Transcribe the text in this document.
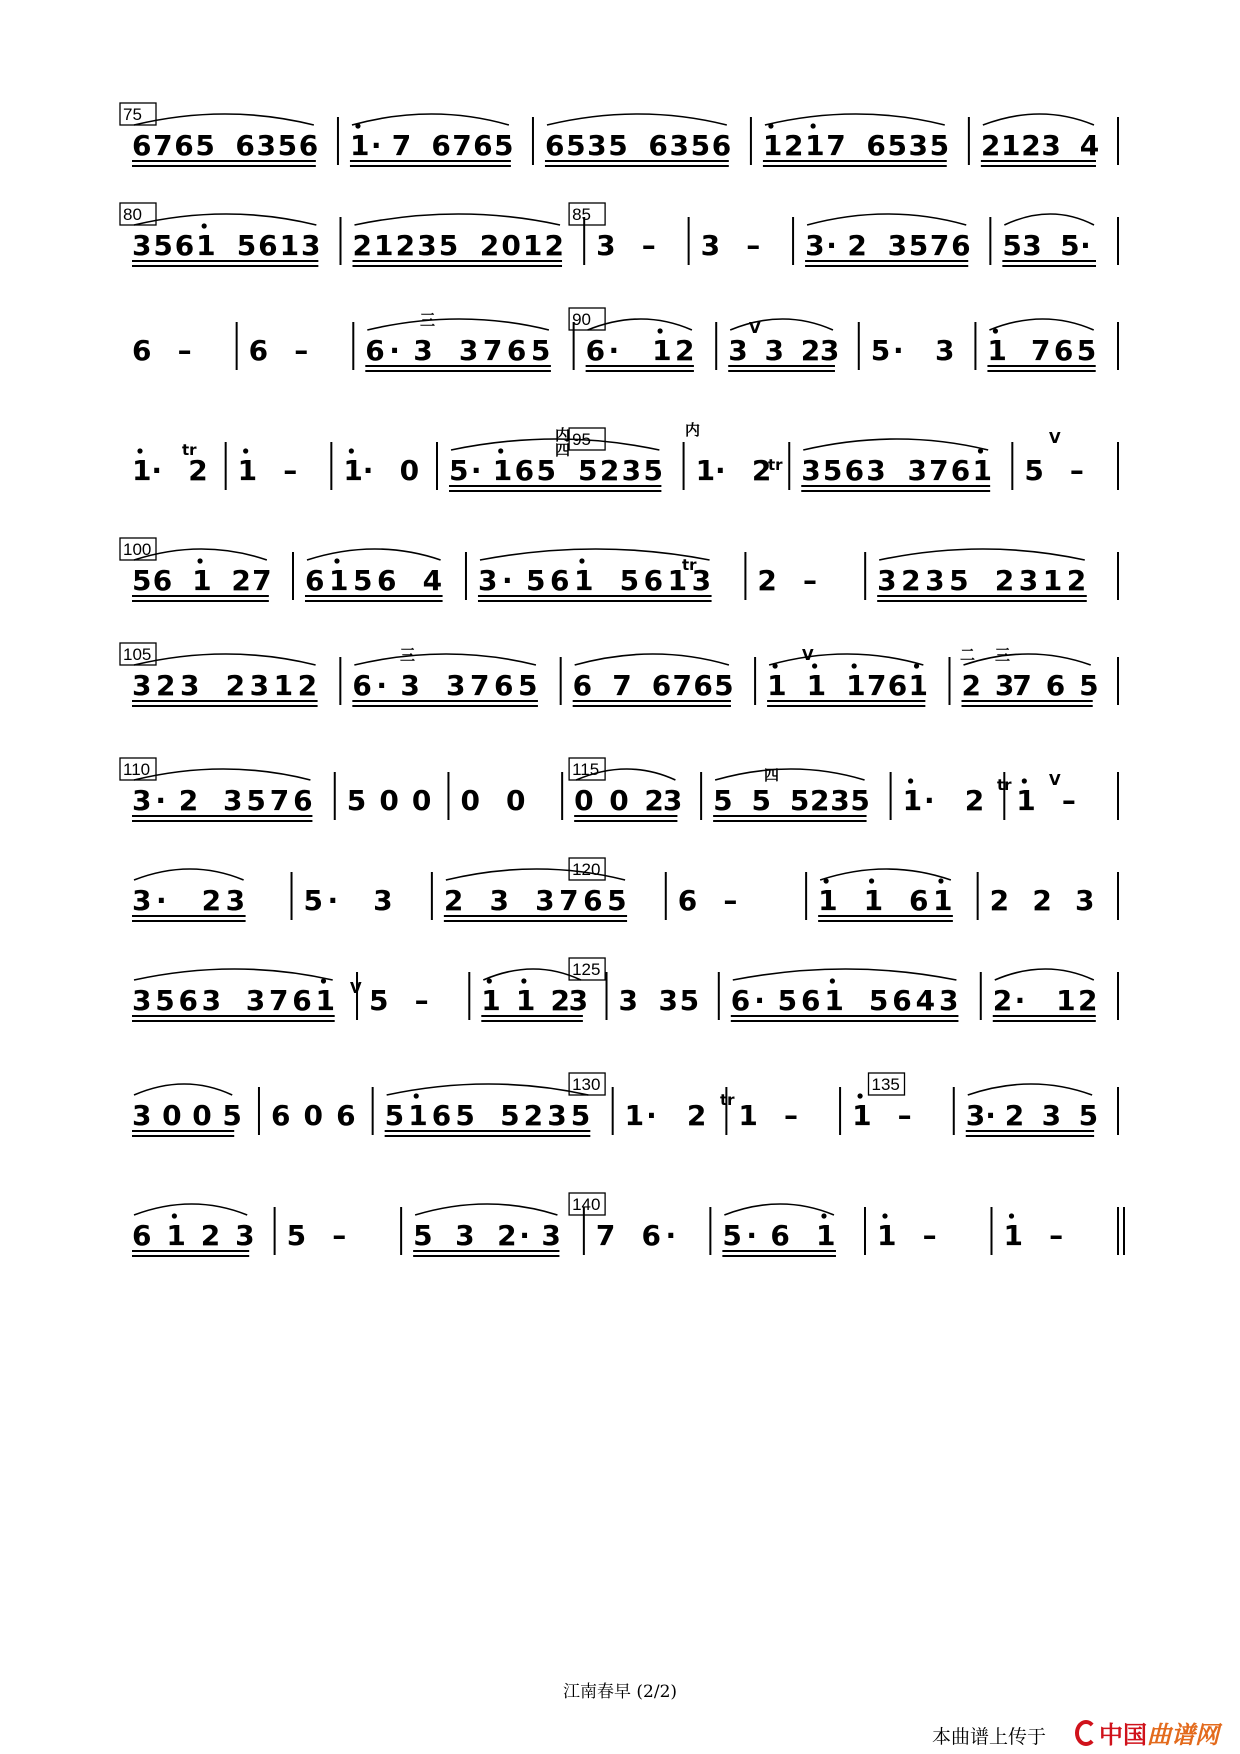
75
6 7 6 5 6 3 5 6 1 · 7 6 7 6 5 6 5 3 5 6 3 5 6 1 2 1 7 6 5 3 5 2 1 2 3 4
80
3 5 6 1 5 6 1 3 2 1 2 3 5 2 0 1 2 3 – 3 – 3 · 2 3 5 7 6 5 3 5 ·
85
6 – 6 – 6 · 3 3 7 6 5 6 · 1 2 3 3 2 3 5 · 3 1 7 6 5
90
1 · 2 1 – 1 · 0 5 · 1 6 5 5 2 3 5 1 · 2 3 5 6 3 3 7 6 1 5 –
95
100
5 6 1 2 7 6 1 5 6 4 3 · 5 6 1 5 6 1 3 2 – 3 2 3 5 2 3 1 2
105
3 2 3 2 3 1 2 6 · 3 3 7 6 5 6 7 6 7 6 5 1 1 1 7 6 1 2 3
7 6 5
110
3 · 2 3 5 7 6 5 0 0 0 0 0 0 2 3 5 5 5 2 3 5 1 · 2 1 –
115
3 · 2 3 5 · 3 2 3 3 7 6 5 6 –	1 1 6 1 2 2 3
120
3 5 6 3 3 7 6 1 5 – 1 1 2
3 3 3 5 6 · 5 6 1 5 6 4 3 2 · 1 2
125
3 0 0 5 6 0 6 5 1 6 5 5 2 3 5 1 · 2 1 – 1 – 3 · 2 3 5
130	135
6 1 2 3 5 – 5 3 2 · 3 7 6 · 5 · 6 1 1 – 1 –
140
tr
tr
tr
tr
tr
内	内
四
四
三
三	三
二
V
V
V
V
V
江南春早 (2/2)
本曲谱上传于 中国 曲谱网
